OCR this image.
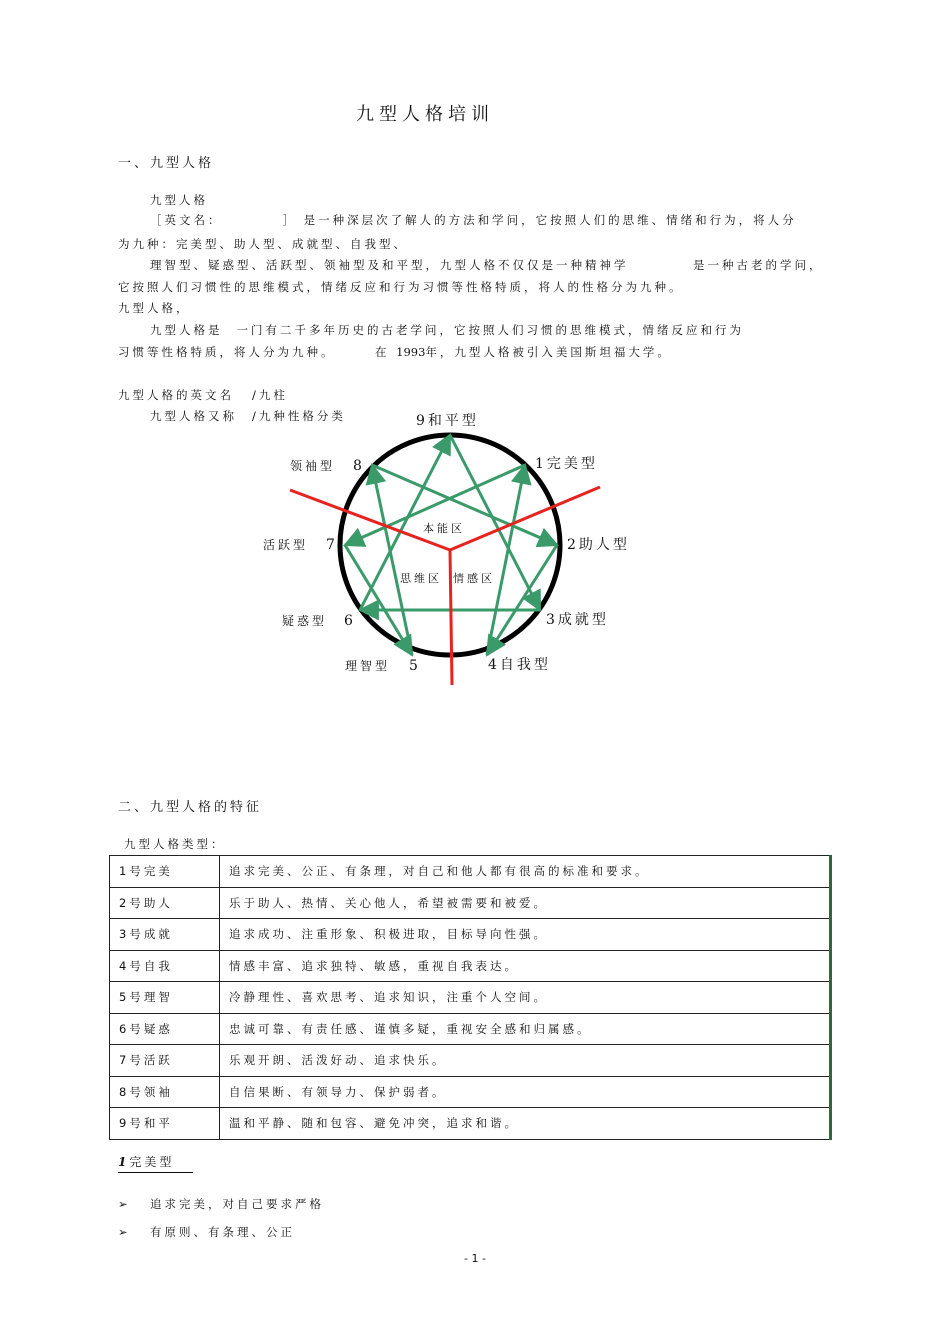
九型人格培训
一、九型人格
九型人格
［英文名：	］ 是一种深层次了解人的方法和学问，它按照人们的思维、情绪和行为，将人分
为九种：完美型、助人型、成就型、自我型、
理智型、疑惑型、活跃型、领袖型及和平型，九型人格不仅仅是一种精神学	是一种古老的学问，
它按照人们习惯性的思维模式，情绪反应和行为习惯等性格特质，将人的性格分为九种。
九型人格，
九型人格是 一门有二千多年历史的古老学问，它按照人们习惯的思维模式，情绪反应和行为
习惯等性格特质，将人分为九种。	在 1993年，九型人格被引入美国斯坦福大学。
九型人格的英文名 /九柱
九型人格又称 /九种性格分类	9和平型
1完美型
2助人型
3成就型
4自我型
5
理智型
6
疑惑型
7
活跃型
8
领袖型
本能区
思维区 情感区
二、九型人格的特征
九型人格类型：
1号完美	追求完美、公正、有条理，对自己和他人都有很高的标准和要求。
2号助人	乐于助人、热情、关心他人，希望被需要和被爱。
3号成就	追求成功、注重形象、积极进取，目标导向性强。
4号自我	情感丰富、追求独特、敏感，重视自我表达。
5号理智	冷静理性、喜欢思考、追求知识，注重个人空间。
6号疑惑	忠诚可靠、有责任感、谨慎多疑，重视安全感和归属感。
7号活跃	乐观开朗、活泼好动、追求快乐。
8号领袖	自信果断、有领导力、保护弱者。
9号和平	温和平静、随和包容、避免冲突，追求和谐。
1完美型
➢ 追求完美，对自己要求严格
➢ 有原则、有条理、公正
- 1 -
